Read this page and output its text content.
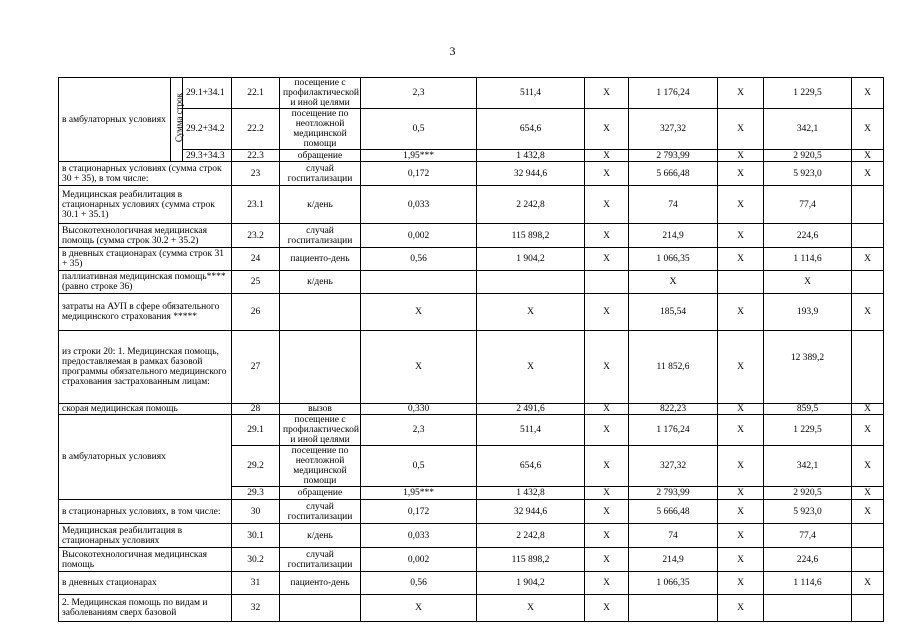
3
в амбулаторных условиях	Сумма строк	29.1+34.1	22.1	посещение с профилактической и иной целями	2,3	511,4	Х	1 176,24	Х	1 229,5	Х
		29.2+34.2	22.2	посещение по неотложной медицинской помощи	0,5	654,6	Х	327,32	Х	342,1	Х
		29.3+34.3	22.3	обращение	1,95***	1 432,8	Х	2 793,99	Х	2 920,5	Х
в стационарных условиях (сумма строк 30 + 35), в том числе:			23	случай госпитализации	0,172	32 944,6	Х	5 666,48	Х	5 923,0	Х
Медицинская реабилитация в стационарных условиях (сумма строк 30.1 + 35.1)			23.1	к/день	0,033	2 242,8	Х	74	Х	77,4	
Высокотехнологичная медицинская помощь (сумма строк 30.2 + 35.2)			23.2	случай госпитализации	0,002	115 898,2	Х	214,9	Х	224,6	
в дневных стационарах (сумма строк 31 + 35)			24	пациенто-день	0,56	1 904,2	Х	1 066,35	Х	1 114,6	Х
паллиативная медицинская помощь**** (равно строке 36)			25	к/день				Х		Х	
затраты на АУП в сфере обязательного медицинского страхования *****			26		Х	Х	Х	185,54	Х	193,9	Х
из строки 20: 1. Медицинская помощь, предоставляемая в рамках базовой программы обязательного медицинского страхования застрахованным лицам:			27		Х	Х	Х	11 852,6	Х	12 389,2	
скорая медицинская помощь			28	вызов	0,330	2 491,6	Х	822,23	Х	859,5	Х
в амбулаторных условиях			29.1	посещение с профилактической и иной целями	2,3	511,4	Х	1 176,24	Х	1 229,5	Х
			29.2	посещение по неотложной медицинской помощи	0,5	654,6	Х	327,32	Х	342,1	Х
			29.3	обращение	1,95***	1 432,8	Х	2 793,99	Х	2 920,5	Х
в стационарных условиях, в том числе:			30	случай госпитализации	0,172	32 944,6	Х	5 666,48	Х	5 923,0	Х
Медицинская реабилитация в стационарных условиях			30.1	к/день	0,033	2 242,8	Х	74	Х	77,4	
Высокотехнологичная медицинская помощь			30.2	случай госпитализации	0,002	115 898,2	Х	214,9	Х	224,6	
в дневных стационарах			31	пациенто-день	0,56	1 904,2	Х	1 066,35	Х	1 114,6	Х
2. Медицинская помощь по видам и заболеваниям сверх базовой			32		Х	Х	Х		Х		
